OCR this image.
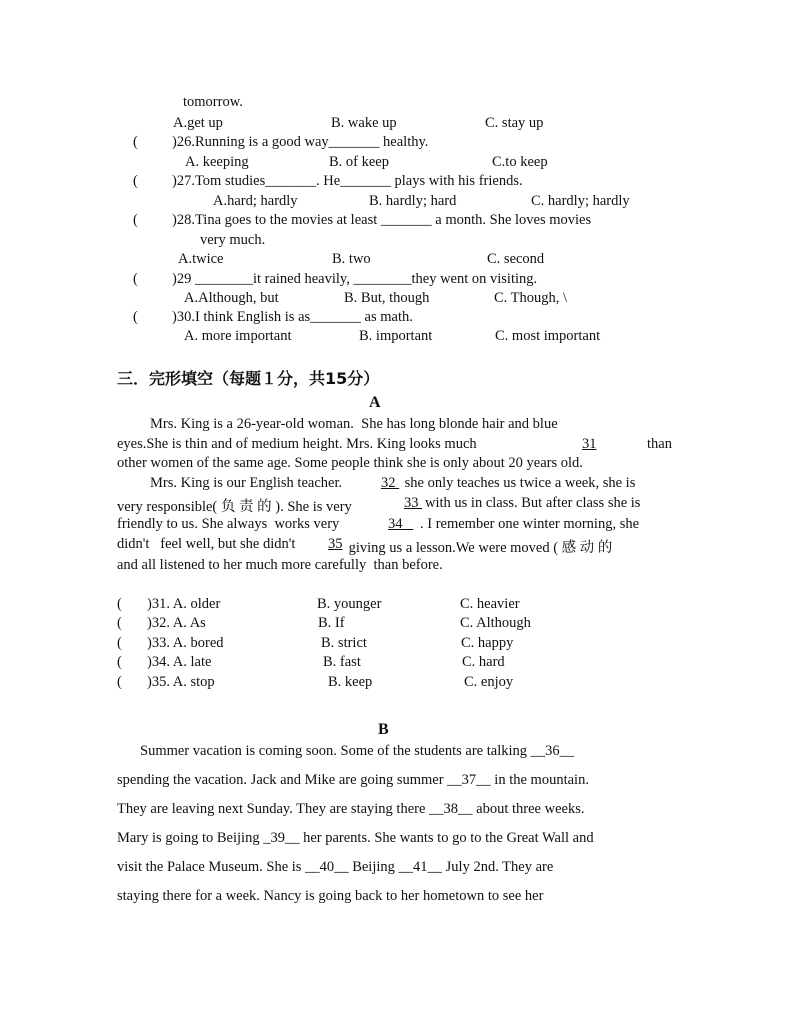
tomorrow.
A.get up	B. wake up	C. stay up
( )26.Running is a good way_______ healthy.
A. keeping	B. of keep	C.to keep
( )27.Tom studies_______. He_______ plays with his friends.
A.hard; hardly	B. hardly; hard	C. hardly; hardly
( )28.Tina goes to the movies at least _______ a month. She loves movies
very much.
A.twice	B. two	C. second
( )29 ________it rained heavily, ________they went on visiting.
A.Although, but	B. But, though	C. Though, \
( )30.I think English is as_______ as math.
A. more important	B. important	C. most important
三．完形填空（每题１分，共15分）
A
Mrs. King is a 26-year-old woman.  She has long blonde hair and blue
eyes.She is thin and of medium height. Mrs. King looks much	31	than
other women of the same age. Some people think she is only about 20 years old.
Mrs. King is our English teacher. 32 she only teaches us twice a week, she is
very responsible( 负 责 的 ). She is very	33 with us in class. But after class she is
friendly to us. She always  works very	34 . I remember one winter morning, she
didn't   feel well, but she didn't 35 giving us a lesson.We were moved ( 感 动 的
and all listened to her much more carefully  than before.
( )31. A. older	B. younger	C. heavier
( )32. A. As	B. If	C. Although
( )33. A. bored	B. strict	C. happy
( )34. A. late	B. fast	C. hard
( )35. A. stop	B. keep	C. enjoy
B
Summer vacation is coming soon. Some of the students are talking __36__
spending the vacation. Jack and Mike are going summer __37__ in the mountain.
They are leaving next Sunday. They are staying there __38__ about three weeks.
Mary is going to Beijing _39__ her parents. She wants to go to the Great Wall and
visit the Palace Museum. She is __40__ Beijing __41__ July 2nd. They are
staying there for a week. Nancy is going back to her hometown to see her
